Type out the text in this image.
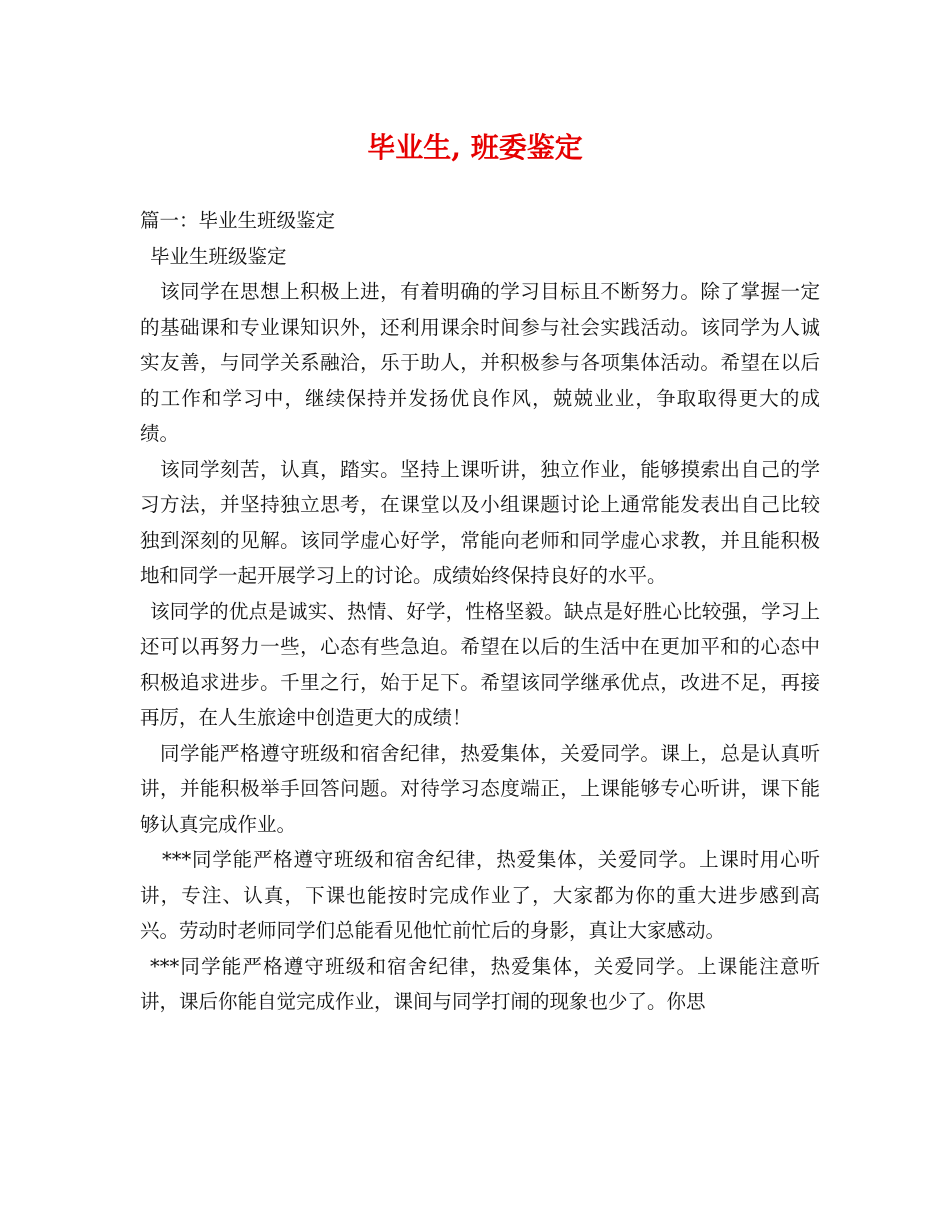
毕业生, 班委鉴定

篇一：毕业生班级鉴定

毕业生班级鉴定

该同学在思想上积极上进，有着明确的学习目标且不断努力。除了掌握一定的基础课和专业课知识外，还利用课余时间参与社会实践活动。该同学为人诚实友善，与同学关系融洽，乐于助人，并积极参与各项集体活动。希望在以后的工作和学习中，继续保持并发扬优良作风，兢兢业业，争取取得更大的成绩。

该同学刻苦，认真，踏实。坚持上课听讲，独立作业，能够摸索出自己的学习方法，并坚持独立思考，在课堂以及小组课题讨论上通常能发表出自己比较独到深刻的见解。该同学虚心好学，常能向老师和同学虚心求教，并且能积极地和同学一起开展学习上的讨论。成绩始终保持良好的水平。

该同学的优点是诚实、热情、好学，性格坚毅。缺点是好胜心比较强，学习上还可以再努力一些，心态有些急迫。希望在以后的生活中在更加平和的心态中积极追求进步。千里之行，始于足下。希望该同学继承优点，改进不足，再接再厉，在人生旅途中创造更大的成绩！

同学能严格遵守班级和宿舍纪律，热爱集体，关爱同学。课上，总是认真听讲，并能积极举手回答问题。对待学习态度端正，上课能够专心听讲，课下能够认真完成作业。

***同学能严格遵守班级和宿舍纪律，热爱集体，关爱同学。上课时用心听讲，专注、认真，下课也能按时完成作业了，大家都为你的重大进步感到高兴。劳动时老师同学们总能看见他忙前忙后的身影，真让大家感动。

***同学能严格遵守班级和宿舍纪律，热爱集体，关爱同学。上课能注意听讲，课后你能自觉完成作业，课间与同学打闹的现象也少了。你思
